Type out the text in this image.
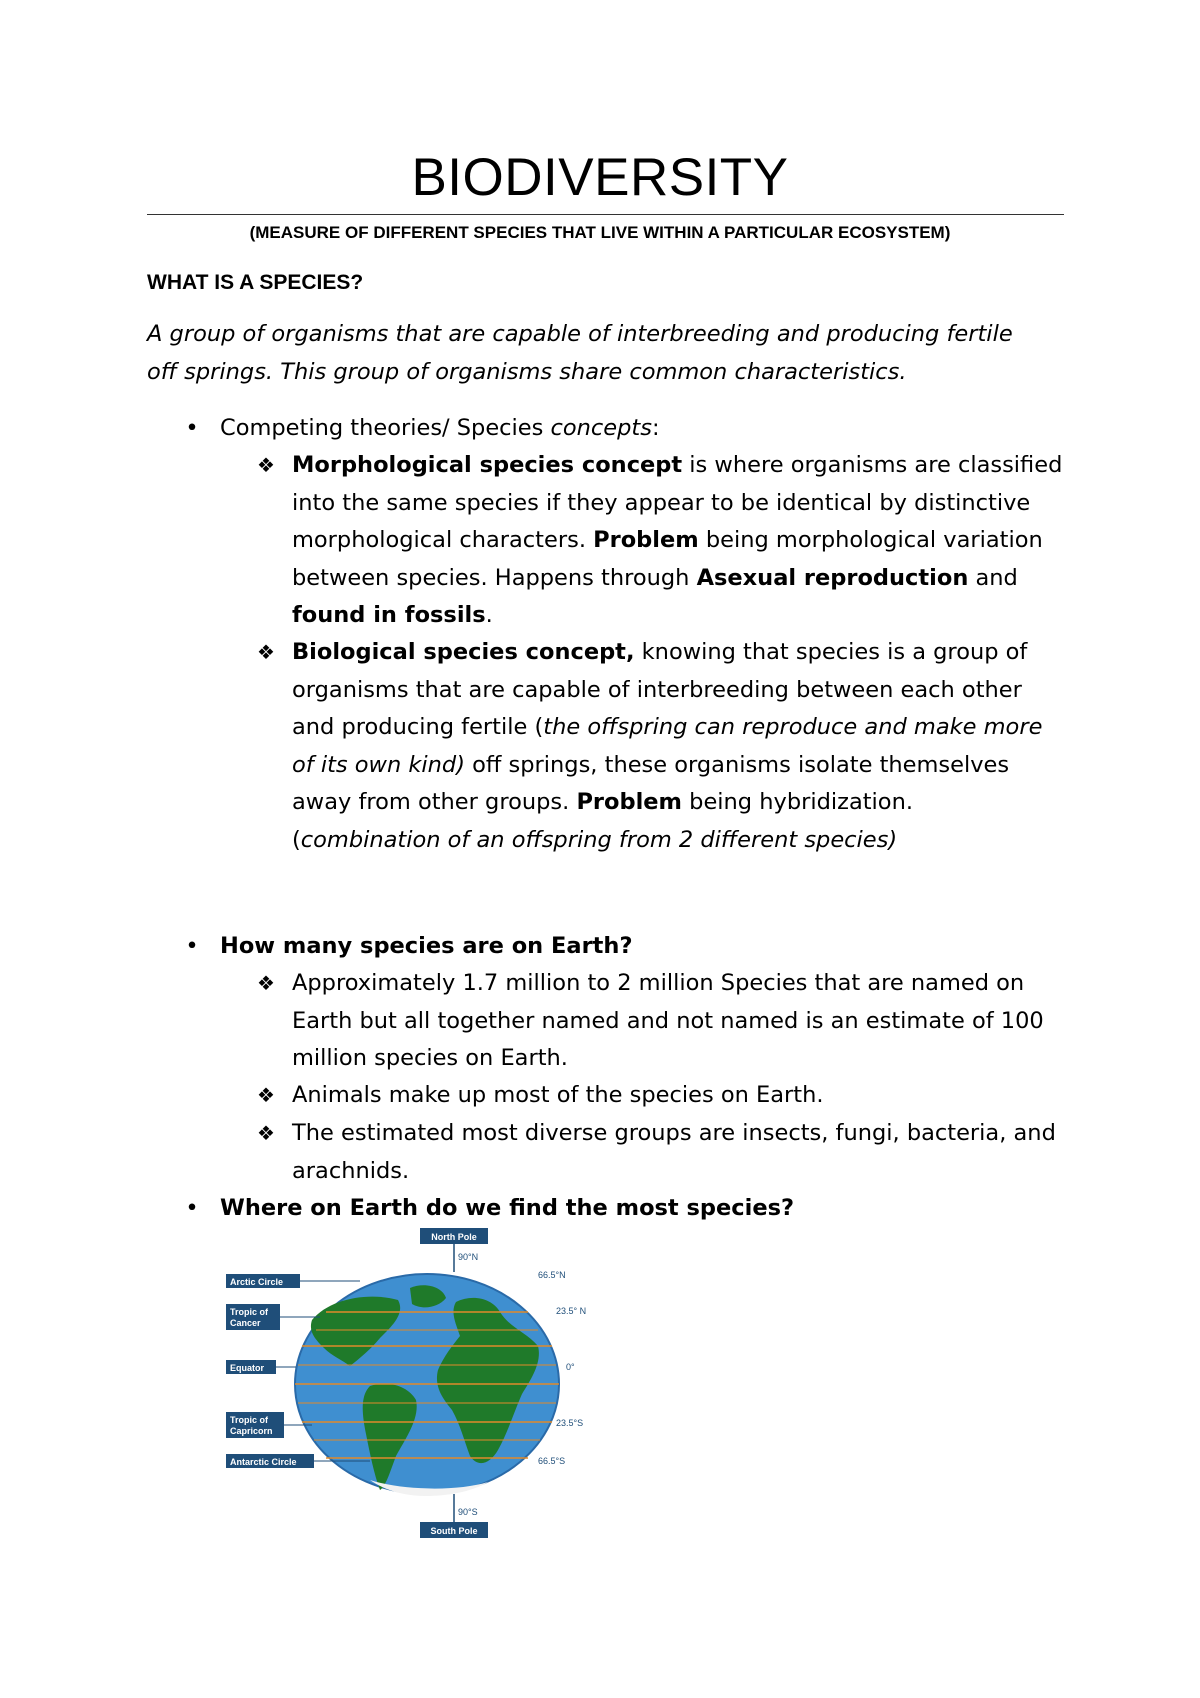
BIODIVERSITY
(MEASURE OF DIFFERENT SPECIES THAT LIVE WITHIN A PARTICULAR ECOSYSTEM)
WHAT IS A SPECIES?
A group of organisms that are capable of interbreeding and producing fertile
off springs. This group of organisms share common characteristics.
• Competing theories/ Species concepts:
❖ Morphological species concept is where organisms are classified
into the same species if they appear to be identical by distinctive
morphological characters. Problem being morphological variation
between species. Happens through Asexual reproduction and
found in fossils.
❖ Biological species concept, knowing that species is a group of
organisms that are capable of interbreeding between each other
and producing fertile (the offspring can reproduce and make more
of its own kind) off springs, these organisms isolate themselves
away from other groups. Problem being hybridization.
(combination of an offspring from 2 different species)
• How many species are on Earth?
❖ Approximately 1.7 million to 2 million Species that are named on
Earth but all together named and not named is an estimate of 100
million species on Earth.
❖ Animals make up most of the species on Earth.
❖ The estimated most diverse groups are insects, fungi, bacteria, and
arachnids.
• Where on Earth do we find the most species?
North Pole
90°N
South Pole
90°S
Arctic Circle
Tropic of
Cancer
Equator
Tropic of
Capricorn
Antarctic Circle
66.5°N
23.5° N
0°
23.5°S
66.5°S
